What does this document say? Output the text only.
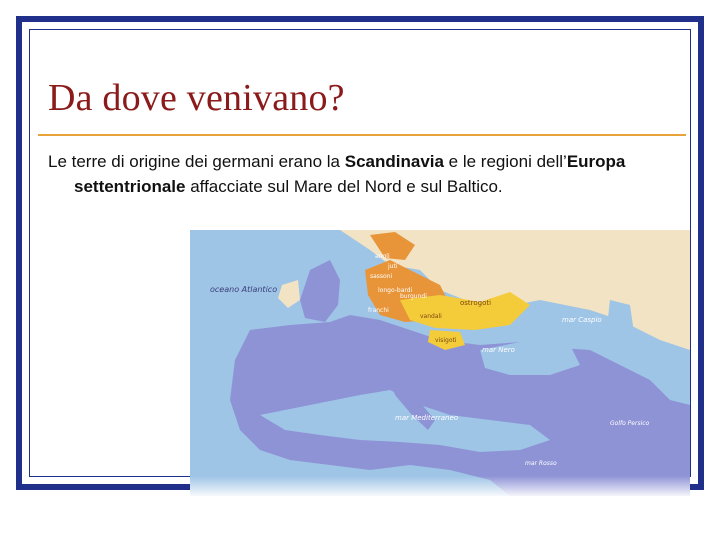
Da dove venivano?

Le terre di origine dei germani erano la Scandinavia e le regioni dell’Europa settentrionale affacciate sul Mare del Nord e sul Baltico.

oceano Atlantico
angli
sassoni
juti
longo-bardi
franchi
burgundi
vandali
ostrogoti
visigoti
mar Nero
mar Caspio
mar Mediterraneo
Golfo Persico
mar Rosso
